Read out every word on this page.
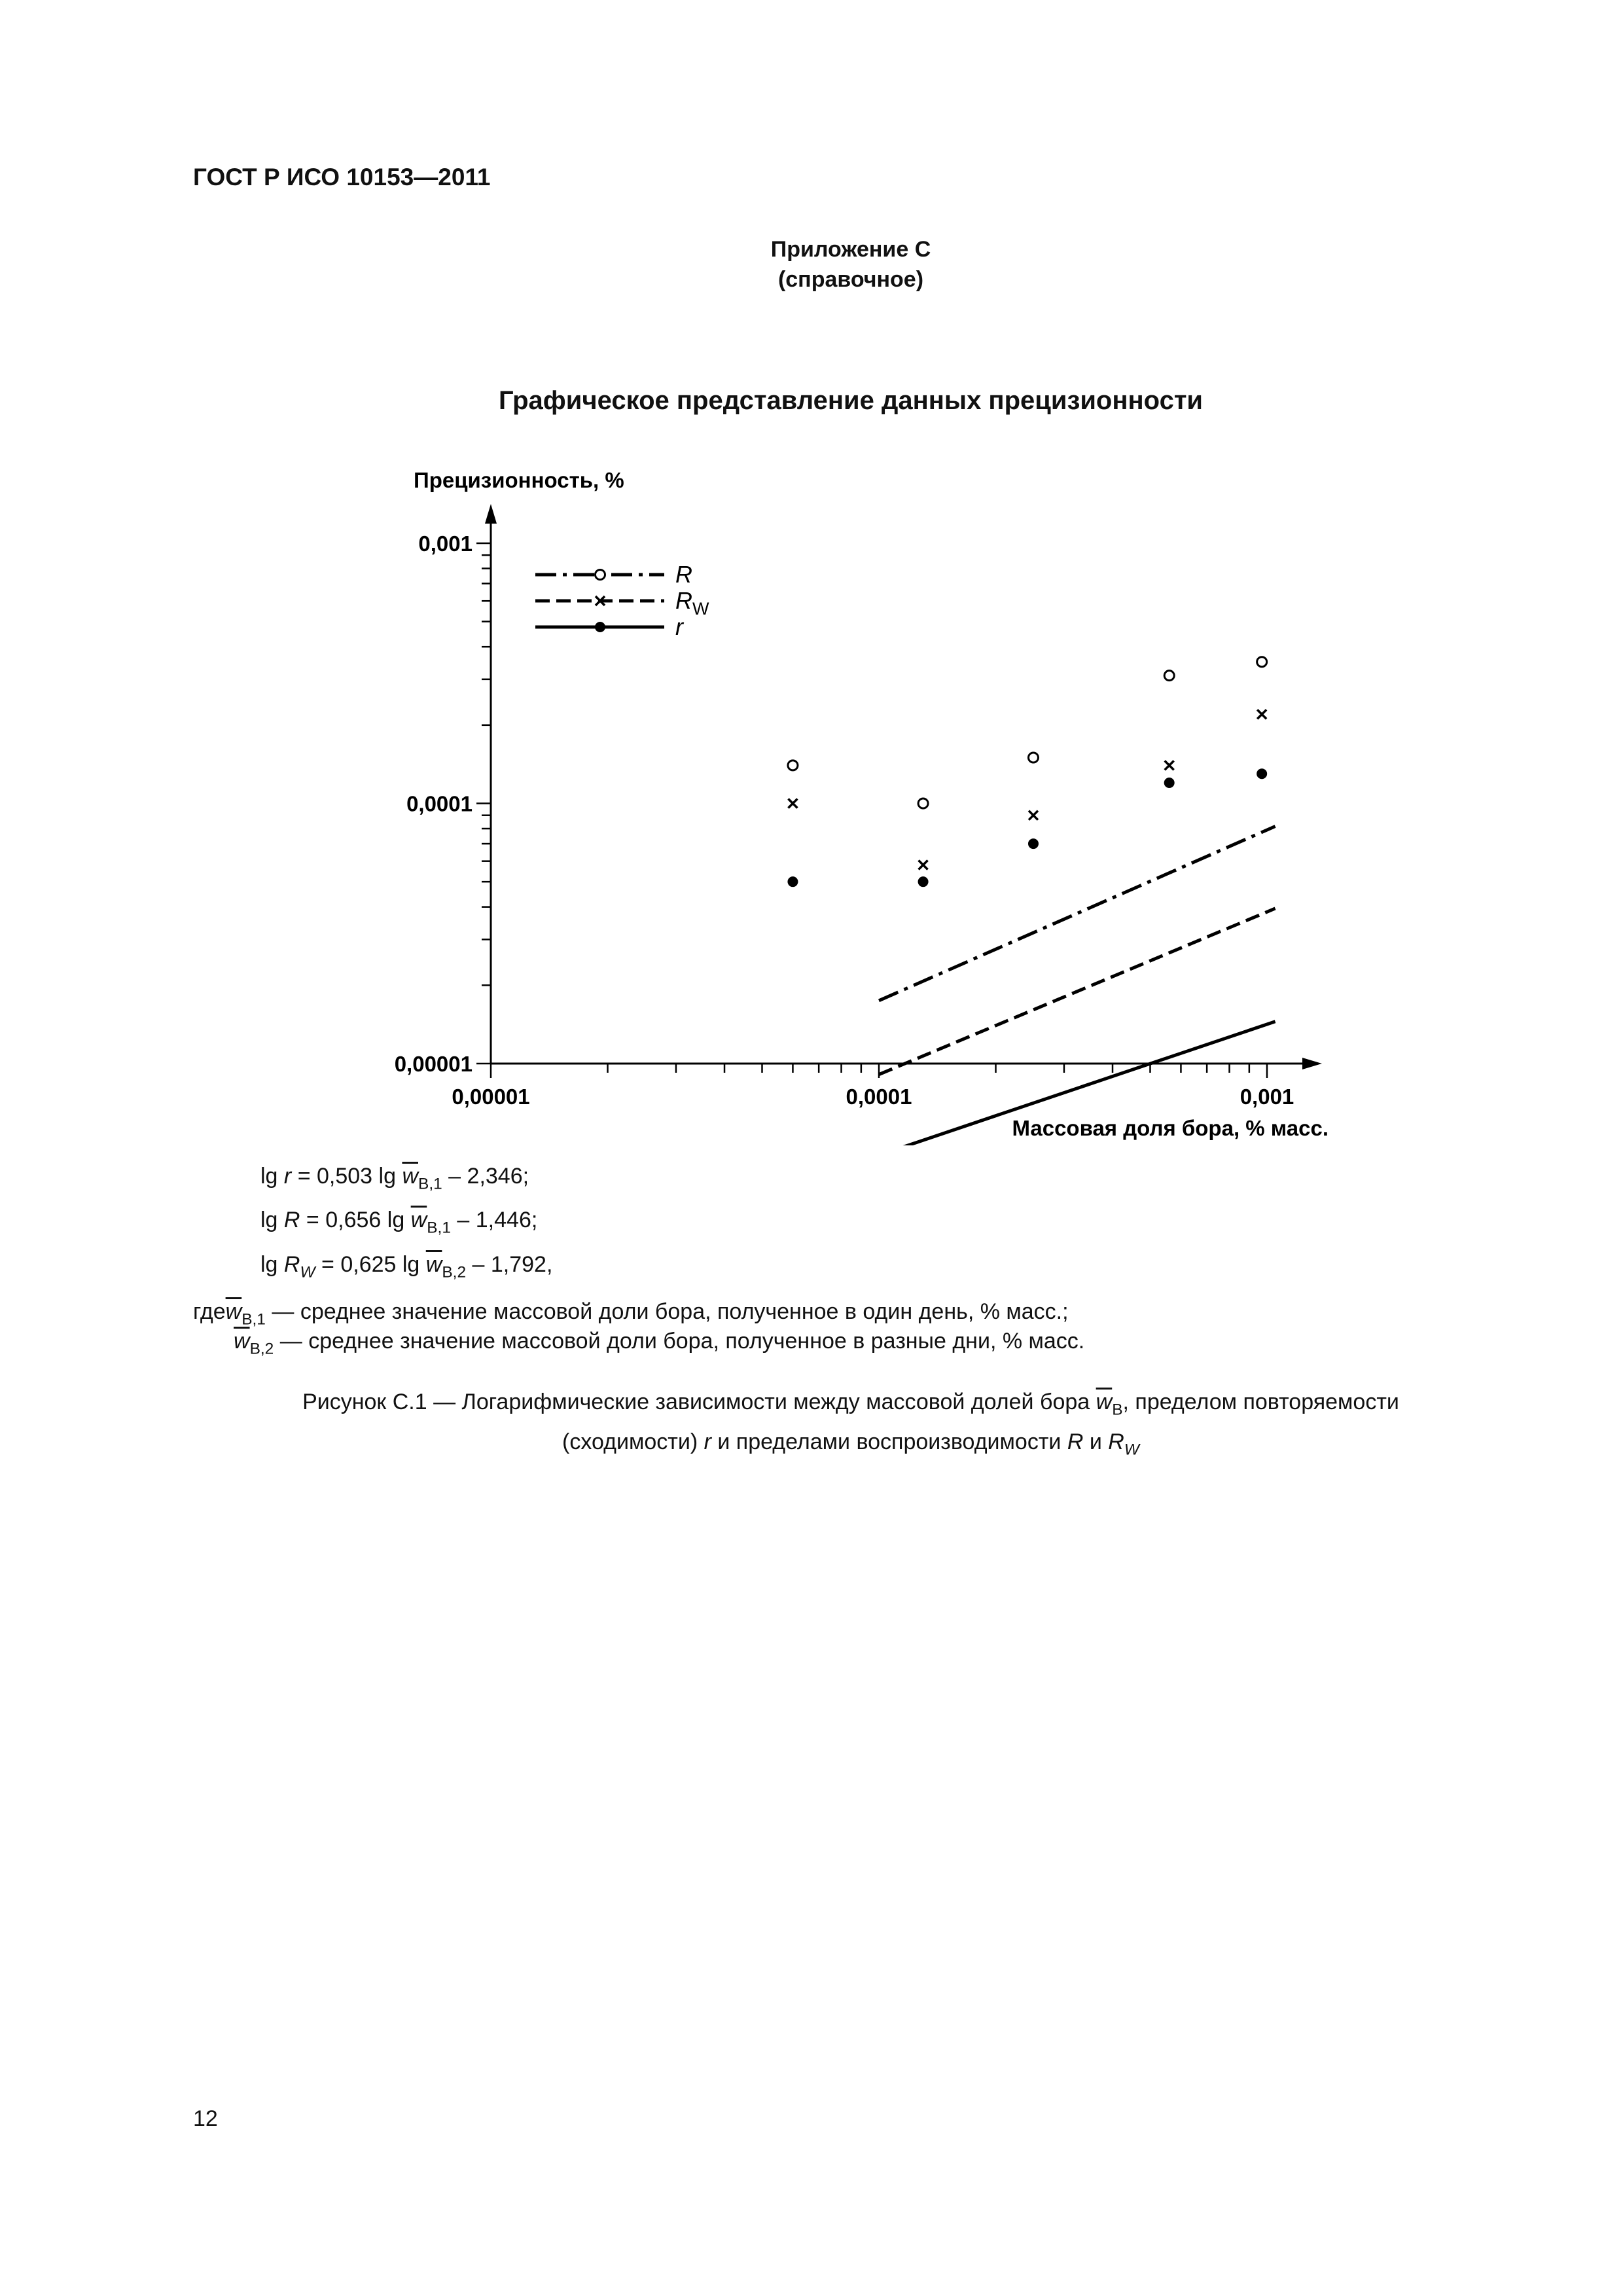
ГОСТ Р ИСО 10153—2011
Приложение С
(справочное)
Графическое представление данных прецизионности
0,00001	0,0001	0,001
0,001
0,0001
0,00001
R
$R_W$
r
Прецизионность, %
Массовая доля бора, % масс.
lg r = 0,503 $\lg \overline{w}_{B,1} - 2,346$;
lg R = 0,656 $\lg \overline{w}_{B,1} - 1,446$;
$\lg R_W = 0,625$ $\lg \overline{w}_{B,2} - 1,792$,
$где\overline{w}_{B,1}$ — среднее значение массовой доли бора, полученное в один день, % масс.;
$\overline{w}_{B,2}$ — среднее значение массовой доли бора, полученное в разные дни, % масс.
Рисунок С.1 — Логарифмические зависимости между массовой долей бора $\overline{w}_B$, пределом повторяемости
(сходимости) r и пределами воспроизводимости R и $R_W$
12
